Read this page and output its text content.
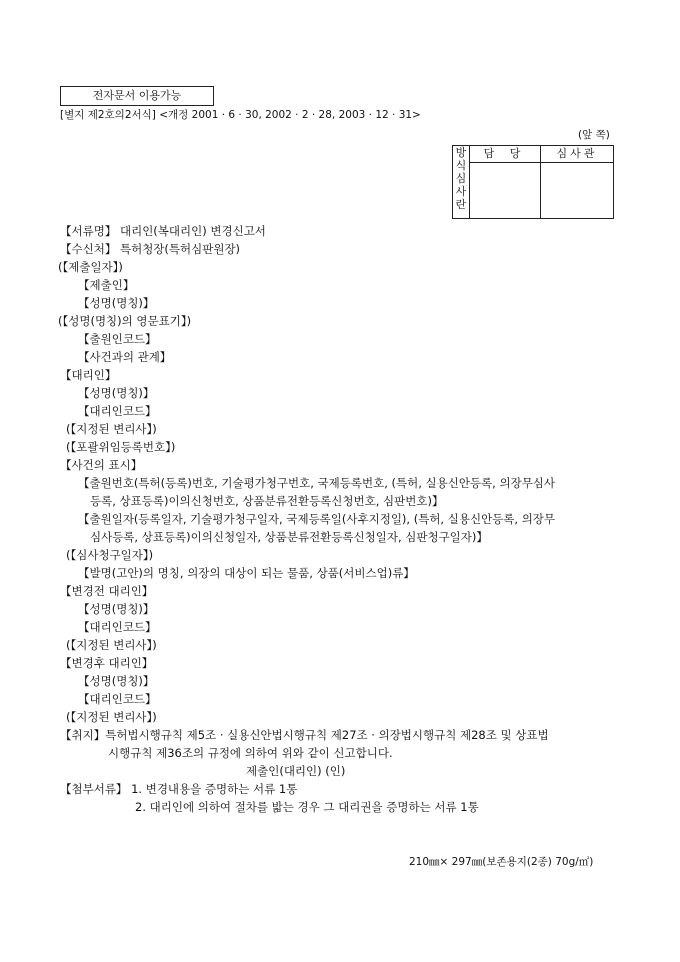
전자문서 이용가능
[별지 제2호의2서식] <개정 2001 · 6 · 30, 2002 · 2 · 28, 2003 · 12 · 31>
(앞 쪽)
방
식
심
사
란
담 당	심사관
【서류명】 대리인(복대리인) 변경신고서
【수신처】 특허청장(특허심판원장)
(【제출일자】)
【제출인】
【성명(명칭)】
(【성명(명칭)의 영문표기】)
【출원인코드】
【사건과의 관계】
【대리인】
【성명(명칭)】
【대리인코드】
(【지정된 변리사】)
(【포괄위임등록번호】)
【사건의 표시】
【출원번호(특허(등록)번호, 기술평가청구번호, 국제등록번호, (특허, 실용신안등록, 의장무심사
등록, 상표등록)이의신청번호, 상품분류전환등록신청번호, 심판번호)】
【출원일자(등록일자, 기술평가청구일자, 국제등록일(사후지정일), (특허, 실용신안등록, 의장무
심사등록, 상표등록)이의신청일자, 상품분류전환등록신청일자, 심판청구일자)】
(【심사청구일자】)
【발명(고안)의 명칭, 의장의 대상이 되는 물품, 상품(서비스업)류】
【변경전 대리인】
【성명(명칭)】
【대리인코드】
(【지정된 변리사】)
【변경후 대리인】
【성명(명칭)】
【대리인코드】
(【지정된 변리사】)
【취지】특허법시행규칙 제5조 · 실용신안법시행규칙 제27조 · 의장법시행규칙 제28조 및 상표법
시행규칙 제36조의 규정에 의하여 위와 같이 신고합니다.
제출인(대리인) (인)
【첨부서류】 1. 변경내용을 증명하는 서류 1통
2. 대리인에 의하여 절차를 밟는 경우 그 대리권을 증명하는 서류 1통
210㎜× 297㎜(보존용지(2종) 70g/㎡)
